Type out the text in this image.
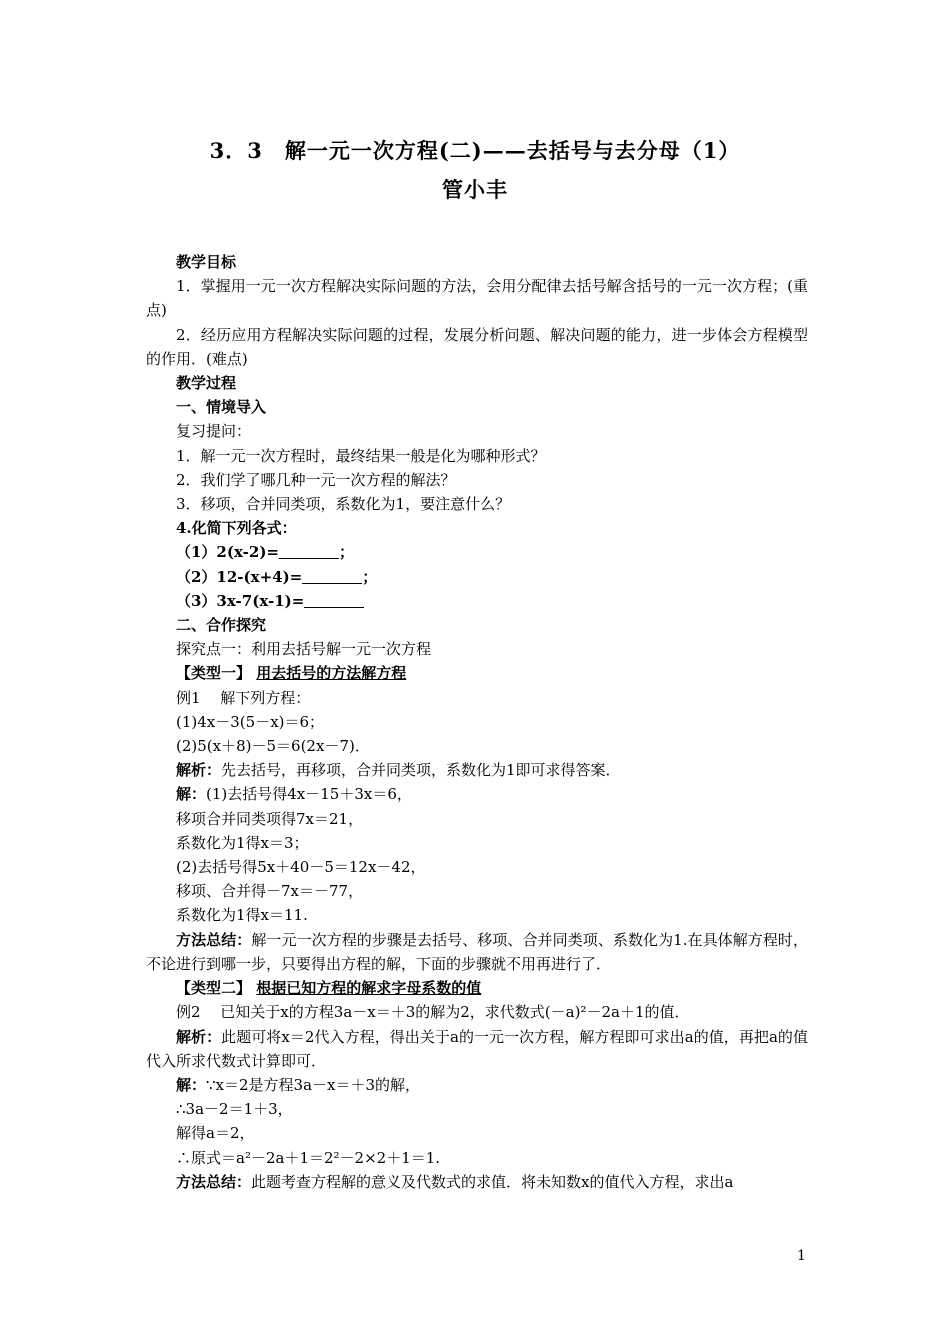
3．3　解一元一次方程(二)——去括号与去分母（1）
管小丰

教学目标

1．掌握用一元一次方程解决实际问题的方法，会用分配律去括号解含括号的一元一次方程；(重点)

2．经历应用方程解决实际问题的过程，发展分析问题、解决问题的能力，进一步体会方程模型的作用．(难点)

教学过程

一、情境导入

复习提问：

1．解一元一次方程时，最终结果一般是化为哪种形式？

2．我们学了哪几种一元一次方程的解法？

3．移项，合并同类项，系数化为1，要注意什么？

4.化简下列各式：

（1）2(x-2)=	；

（2）12-(x+4)=	；

（3）3x-7(x-1)=

二、合作探究

探究点一：利用去括号解一元一次方程

【类型一】 用去括号的方法解方程

例1　 解下列方程：

(1)4x－3(5－x)＝6；

(2)5(x＋8)－5＝6(2x－7)．

解析：先去括号，再移项，合并同类项，系数化为1即可求得答案．

解：(1)去括号得4x－15＋3x＝6，

移项合并同类项得7x＝21，

系数化为1得x＝3；

(2)去括号得5x＋40－5＝12x－42，

移项、合并得－7x＝－77，

系数化为1得x＝11.

方法总结：解一元一次方程的步骤是去括号、移项、合并同类项、系数化为1.在具体解方程时，不论进行到哪一步，只要得出方程的解，下面的步骤就不用再进行了．

【类型二】 根据已知方程的解求字母系数的值

例2　 已知关于x的方程3a－x＝＋3的解为2，求代数式(－a)²－2a＋1的值．

解析：此题可将x＝2代入方程，得出关于a的一元一次方程，解方程即可求出a的值，再把a的值代入所求代数式计算即可．

解：∵x＝2是方程3a－x＝＋3的解，

∴3a－2＝1＋3，

解得a＝2，

∴原式＝a²－2a＋1＝2²－2×2＋1＝1.

方法总结：此题考查方程解的意义及代数式的求值．将未知数x的值代入方程，求出a

1
